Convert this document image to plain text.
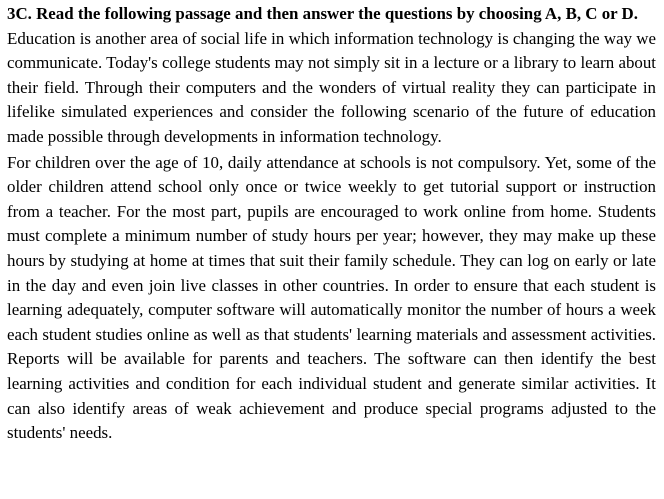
3C. Read the following passage and then answer the questions by choosing A, B, C or D.

Education is another area of social life in which information technology is changing the way we communicate. Today's college students may not simply sit in a lecture or a library to learn about their field. Through their computers and the wonders of virtual reality they can participate in lifelike simulated experiences and consider the following scenario of the future of education made possible through developments in information technology.

For children over the age of 10, daily attendance at schools is not compulsory. Yet, some of the older children attend school only once or twice weekly to get tutorial support or instruction from a teacher. For the most part, pupils are encouraged to work online from home. Students must complete a minimum number of study hours per year; however, they may make up these hours by studying at home at times that suit their family schedule. They can log on early or late in the day and even join live classes in other countries. In order to ensure that each student is learning adequately, computer software will automatically monitor the number of hours a week each student studies online as well as that students' learning materials and assessment activities. Reports will be available for parents and teachers. The software can then identify the best learning activities and condition for each individual student and generate similar activities. It can also identify areas of weak achievement and produce special programs adjusted to the students' needs.
